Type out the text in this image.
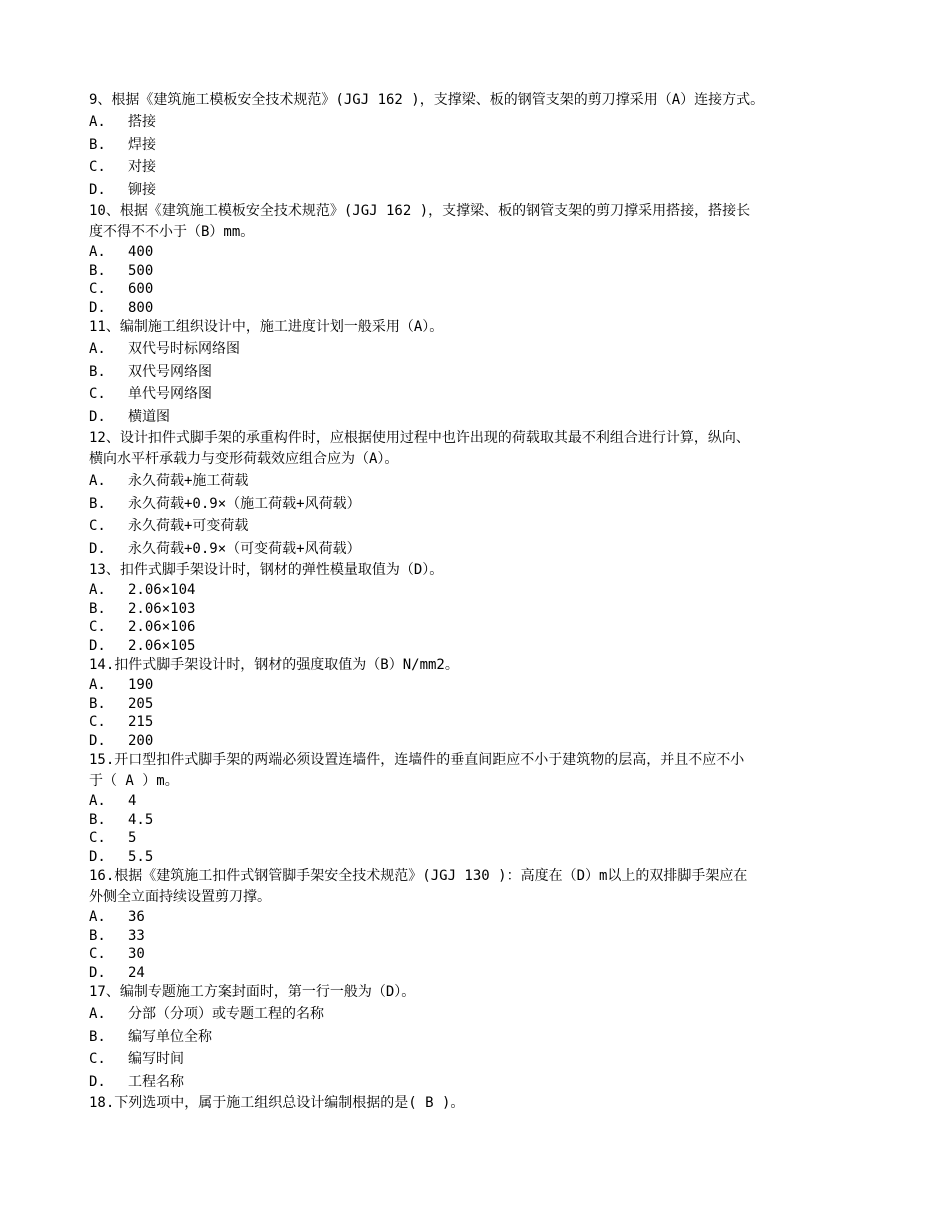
9、根据《建筑施工模板安全技术规范》(JGJ 162 )，支撑梁、板的钢管支架的剪刀撑采用（A）连接方式。
A. 搭接
B. 焊接
C. 对接
D. 铆接
10、根据《建筑施工模板安全技术规范》(JGJ 162 )，支撑梁、板的钢管支架的剪刀撑采用搭接，搭接长
度不得不不小于（B）mm。
A. 400
B. 500
C. 600
D. 800
11、编制施工组织设计中，施工进度计划一般采用（A）。
A. 双代号时标网络图
B. 双代号网络图
C. 单代号网络图
D. 横道图
12、设计扣件式脚手架的承重构件时，应根据使用过程中也许出现的荷载取其最不利组合进行计算，纵向、
横向水平杆承载力与变形荷载效应组合应为（A）。
A. 永久荷载+施工荷载
B. 永久荷载+0.9×（施工荷载+风荷载）
C. 永久荷载+可变荷载
D. 永久荷载+0.9×（可变荷载+风荷载）
13、扣件式脚手架设计时，钢材的弹性模量取值为（D）。
A. 2.06×104
B. 2.06×103
C. 2.06×106
D. 2.06×105
14.扣件式脚手架设计时，钢材的强度取值为（B）N/mm2。
A. 190
B. 205
C. 215
D. 200
15.开口型扣件式脚手架的两端必须设置连墙件，连墙件的垂直间距应不小于建筑物的层高，并且不应不小
于（ A ）m。
A. 4
B. 4.5
C. 5
D. 5.5
16.根据《建筑施工扣件式钢管脚手架安全技术规范》(JGJ 130 )：高度在（D）m以上的双排脚手架应在
外侧全立面持续设置剪刀撑。
A. 36
B. 33
C. 30
D. 24
17、编制专题施工方案封面时，第一行一般为（D）。
A. 分部（分项）或专题工程的名称
B. 编写单位全称
C. 编写时间
D. 工程名称
18.下列选项中，属于施工组织总设计编制根据的是( B )。
